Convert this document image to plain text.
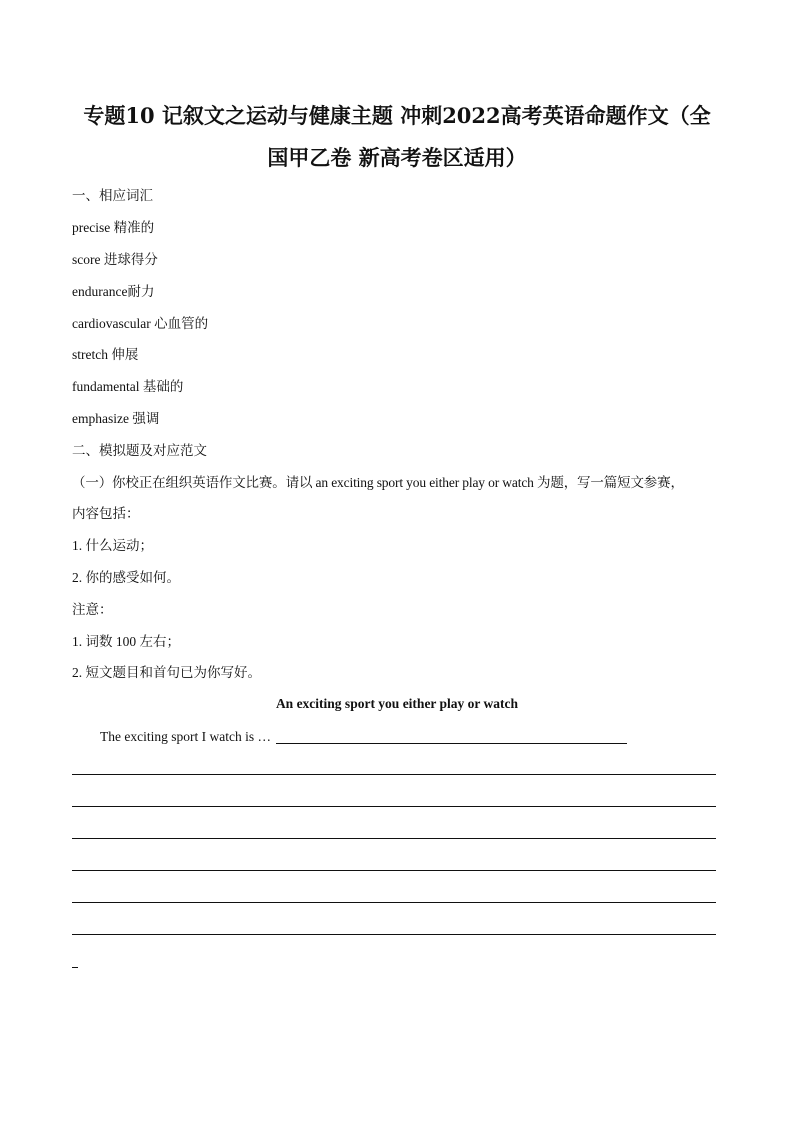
专题10 记叙文之运动与健康主题 冲刺2022高考英语命题作文（全
国甲乙卷 新高考卷区适用）
一、相应词汇
precise 精准的
score 进球得分
endurance耐力
cardiovascular 心血管的
stretch 伸展
fundamental 基础的
emphasize 强调
二、模拟题及对应范文
（一）你校正在组织英语作文比赛。请以 an exciting sport you either play or watch 为题，写一篇短文参赛，
内容包括：
1. 什么运动；
2. 你的感受如何。
注意：
1. 词数 100 左右；
2. 短文题目和首句已为你写好。
An exciting sport you either play or watch
The exciting sport I watch is …
